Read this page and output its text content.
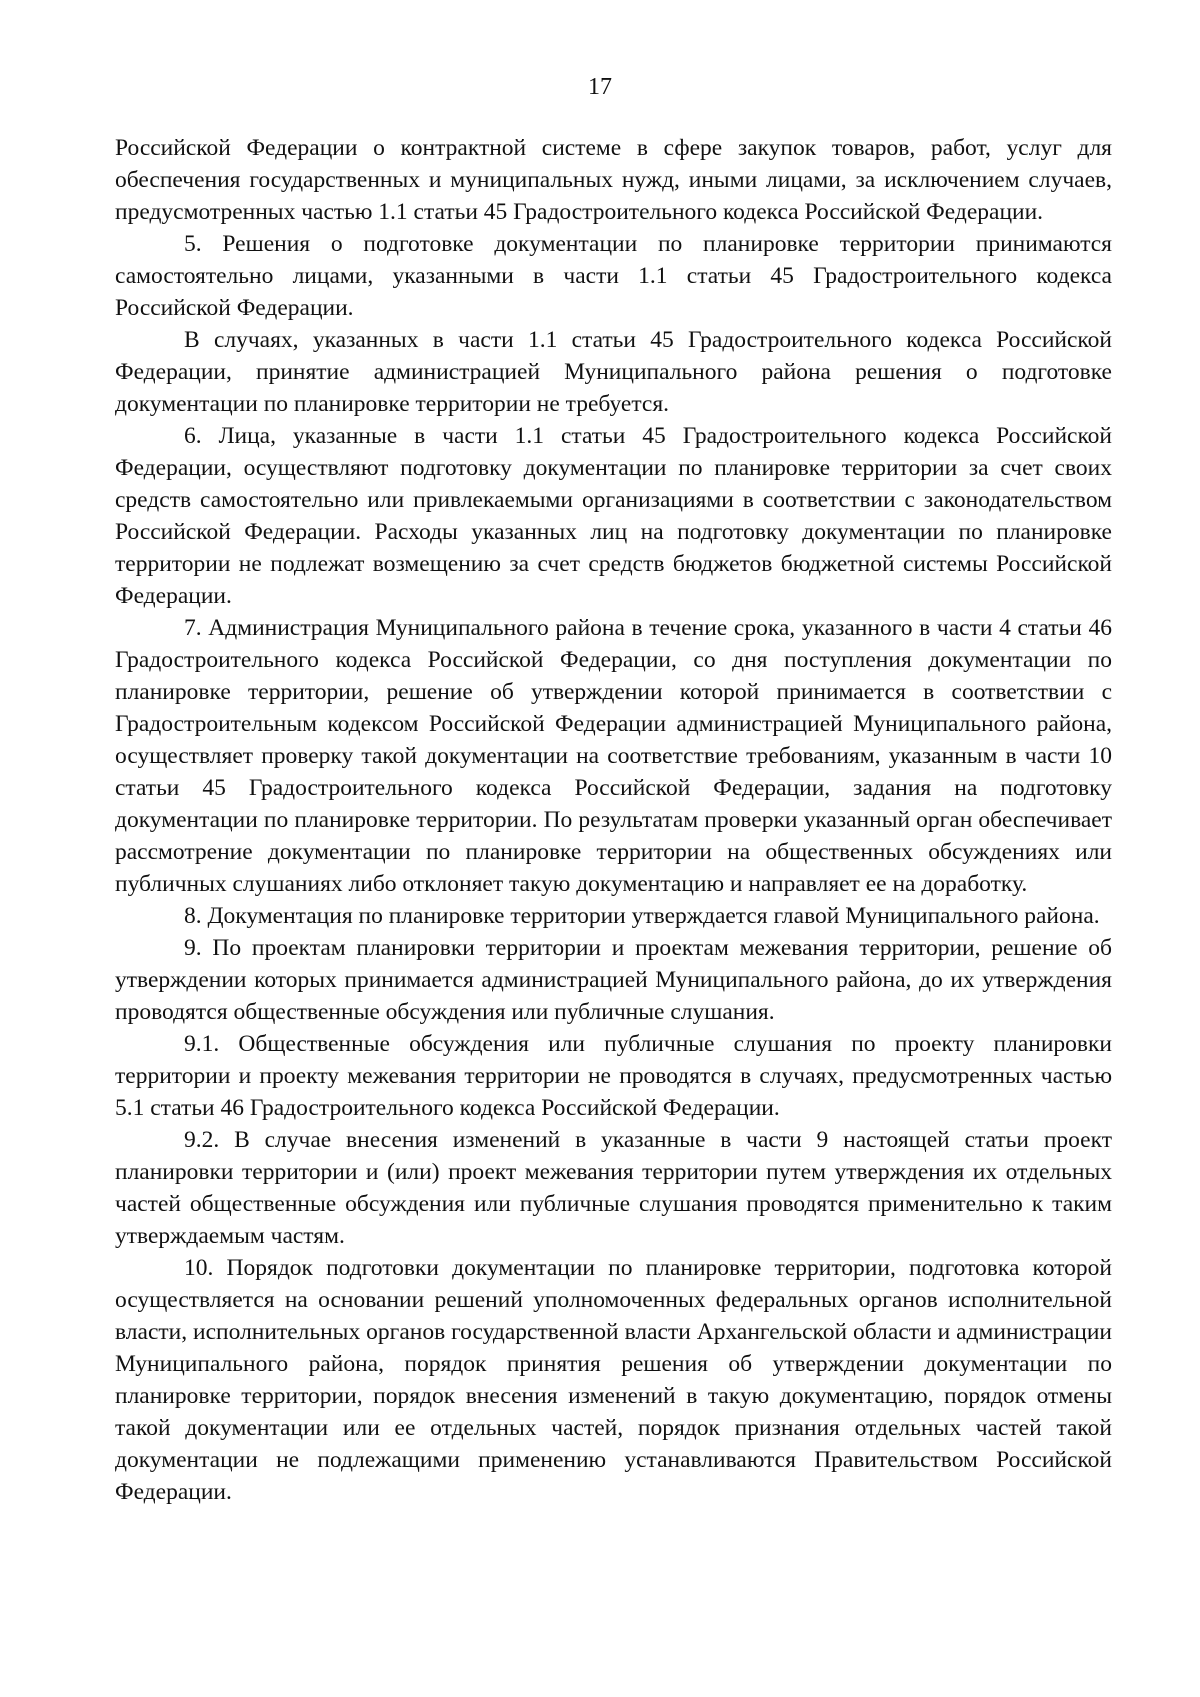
17

Российской Федерации о контрактной системе в сфере закупок товаров, работ, услуг для обеспечения государственных и муниципальных нужд, иными лицами, за исключением случаев, предусмотренных частью 1.1 статьи 45 Градостроительного кодекса Российской Федерации.

5. Решения о подготовке документации по планировке территории принимаются самостоятельно лицами, указанными в части 1.1 статьи 45 Градостроительного кодекса Российской Федерации.

В случаях, указанных в части 1.1 статьи 45 Градостроительного кодекса Российской Федерации, принятие администрацией Муниципального района решения о подготовке документации по планировке территории не требуется.

6. Лица, указанные в части 1.1 статьи 45 Градостроительного кодекса Российской Федерации, осуществляют подготовку документации по планировке территории за счет своих средств самостоятельно или привлекаемыми организациями в соответствии с законодательством Российской Федерации. Расходы указанных лиц на подготовку документации по планировке территории не подлежат возмещению за счет средств бюджетов бюджетной системы Российской Федерации.

7. Администрация Муниципального района в течение срока, указанного в части 4 статьи 46 Градостроительного кодекса Российской Федерации, со дня поступления документации по планировке территории, решение об утверждении которой принимается в соответствии с Градостроительным кодексом Российской Федерации администрацией Муниципального района, осуществляет проверку такой документации на соответствие требованиям, указанным в части 10 статьи 45 Градостроительного кодекса Российской Федерации, задания на подготовку документации по планировке территории. По результатам проверки указанный орган обеспечивает рассмотрение документации по планировке территории на общественных обсуждениях или публичных слушаниях либо отклоняет такую документацию и направляет ее на доработку.

8. Документация по планировке территории утверждается главой Муниципального района.

9. По проектам планировки территории и проектам межевания территории, решение об утверждении которых принимается администрацией Муниципального района, до их утверждения проводятся общественные обсуждения или публичные слушания.

9.1. Общественные обсуждения или публичные слушания по проекту планировки территории и проекту межевания территории не проводятся в случаях, предусмотренных частью 5.1 статьи 46 Градостроительного кодекса Российской Федерации.

9.2. В случае внесения изменений в указанные в части 9 настоящей статьи проект планировки территории и (или) проект межевания территории путем утверждения их отдельных частей общественные обсуждения или публичные слушания проводятся применительно к таким утверждаемым частям.

10. Порядок подготовки документации по планировке территории, подготовка которой осуществляется на основании решений уполномоченных федеральных органов исполнительной власти, исполнительных органов государственной власти Архангельской области и администрации Муниципального района, порядок принятия решения об утверждении документации по планировке территории, порядок внесения изменений в такую документацию, порядок отмены такой документации или ее отдельных частей, порядок признания отдельных частей такой документации не подлежащими применению устанавливаются Правительством Российской Федерации.
